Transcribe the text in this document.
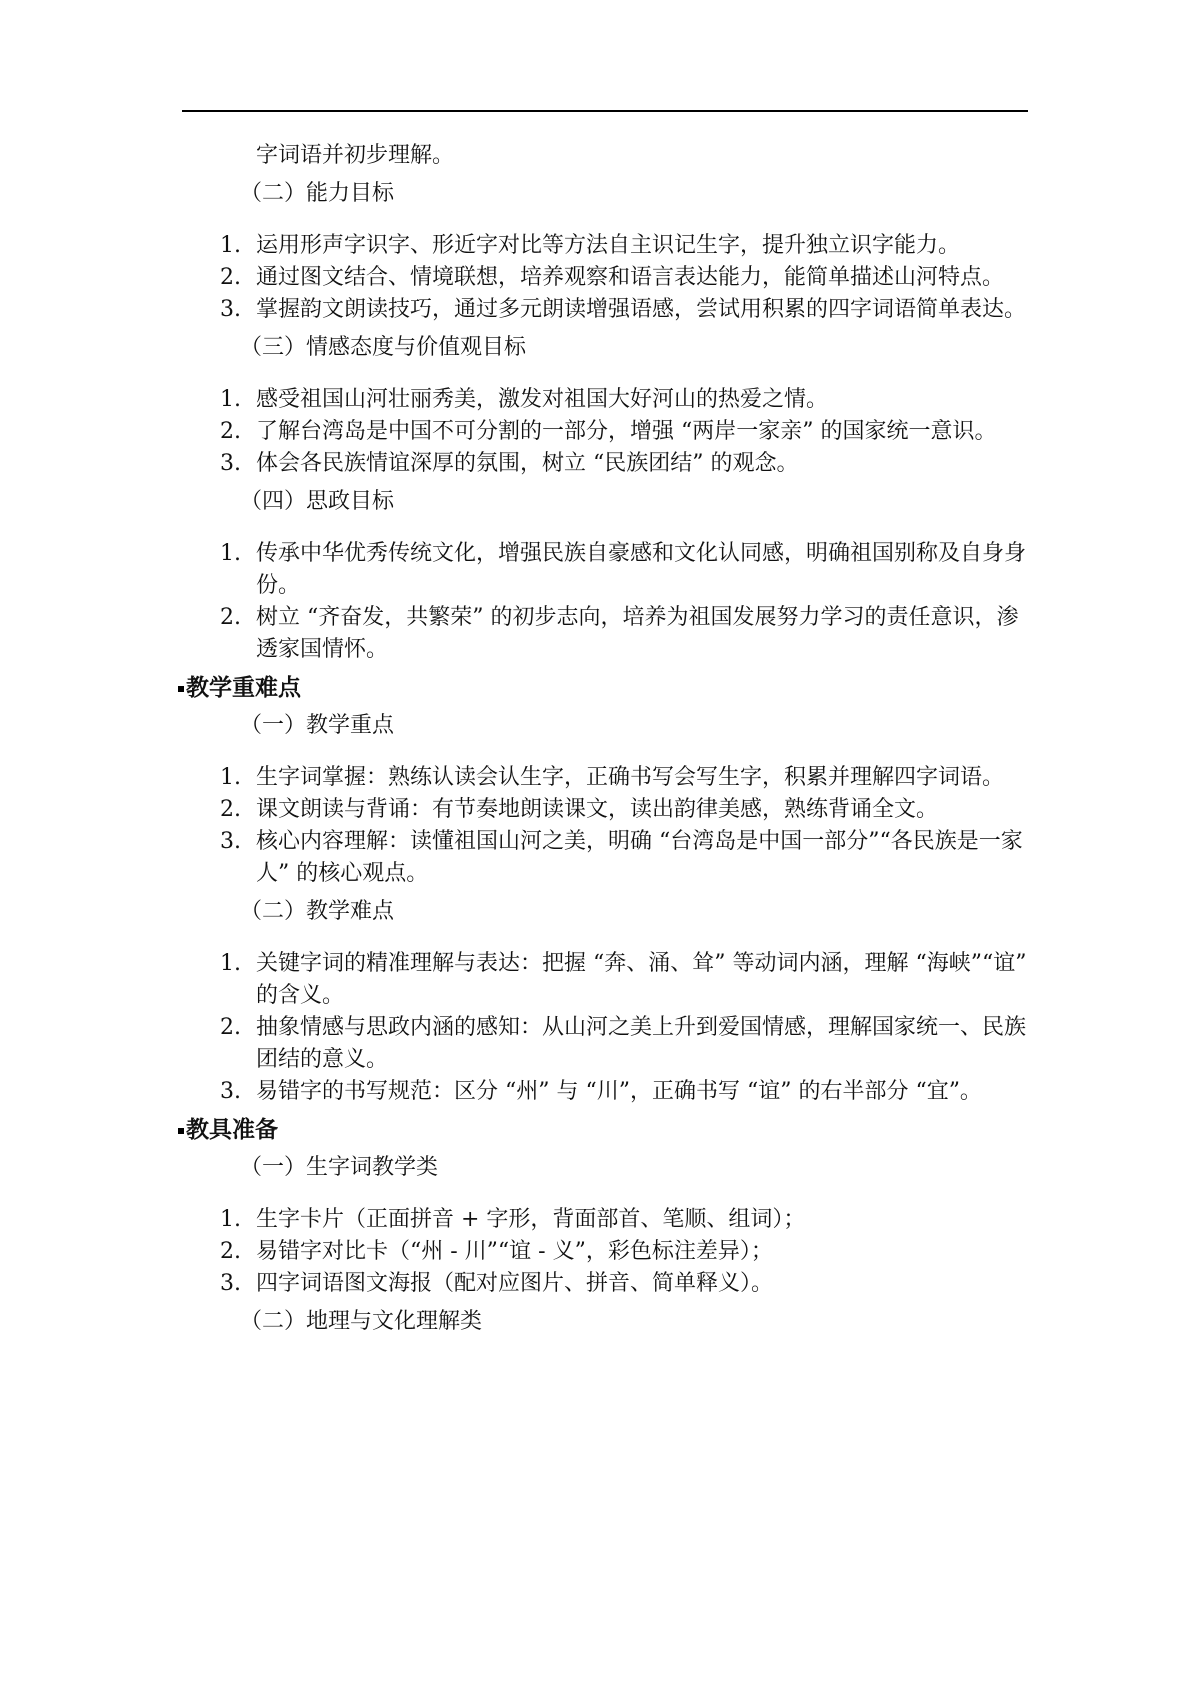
字词语并初步理解。
（二）能力目标
1. 运用形声字识字、形近字对比等方法自主识记生字，提升独立识字能力。
2. 通过图文结合、情境联想，培养观察和语言表达能力，能简单描述山河特点。
3. 掌握韵文朗读技巧，通过多元朗读增强语感，尝试用积累的四字词语简单表达。
（三）情感态度与价值观目标
1. 感受祖国山河壮丽秀美，激发对祖国大好河山的热爱之情。
2. 了解台湾岛是中国不可分割的一部分，增强 “两岸一家亲” 的国家统一意识。
3. 体会各民族情谊深厚的氛围，树立 “民族团结” 的观念。
（四）思政目标
1. 传承中华优秀传统文化，增强民族自豪感和文化认同感，明确祖国别称及自身身份。
2. 树立 “齐奋发，共繁荣” 的初步志向，培养为祖国发展努力学习的责任意识，渗透家国情怀。
教学重难点
（一）教学重点
1. 生字词掌握：熟练认读会认生字，正确书写会写生字，积累并理解四字词语。
2. 课文朗读与背诵：有节奏地朗读课文，读出韵律美感，熟练背诵全文。
3. 核心内容理解：读懂祖国山河之美，明确 “台湾岛是中国一部分”“各民族是一家人” 的核心观点。
（二）教学难点
1. 关键字词的精准理解与表达：把握 “奔、涌、耸” 等动词内涵，理解 “海峡”“谊” 的含义。
2. 抽象情感与思政内涵的感知：从山河之美上升到爱国情感，理解国家统一、民族团结的意义。
3. 易错字的书写规范：区分 “州” 与 “川”，正确书写 “谊” 的右半部分 “宜”。
教具准备
（一）生字词教学类
1. 生字卡片（正面拼音 + 字形，背面部首、笔顺、组词）；
2. 易错字对比卡（“州 - 川”“谊 - 义”，彩色标注差异）；
3. 四字词语图文海报（配对应图片、拼音、简单释义）。
（二）地理与文化理解类
